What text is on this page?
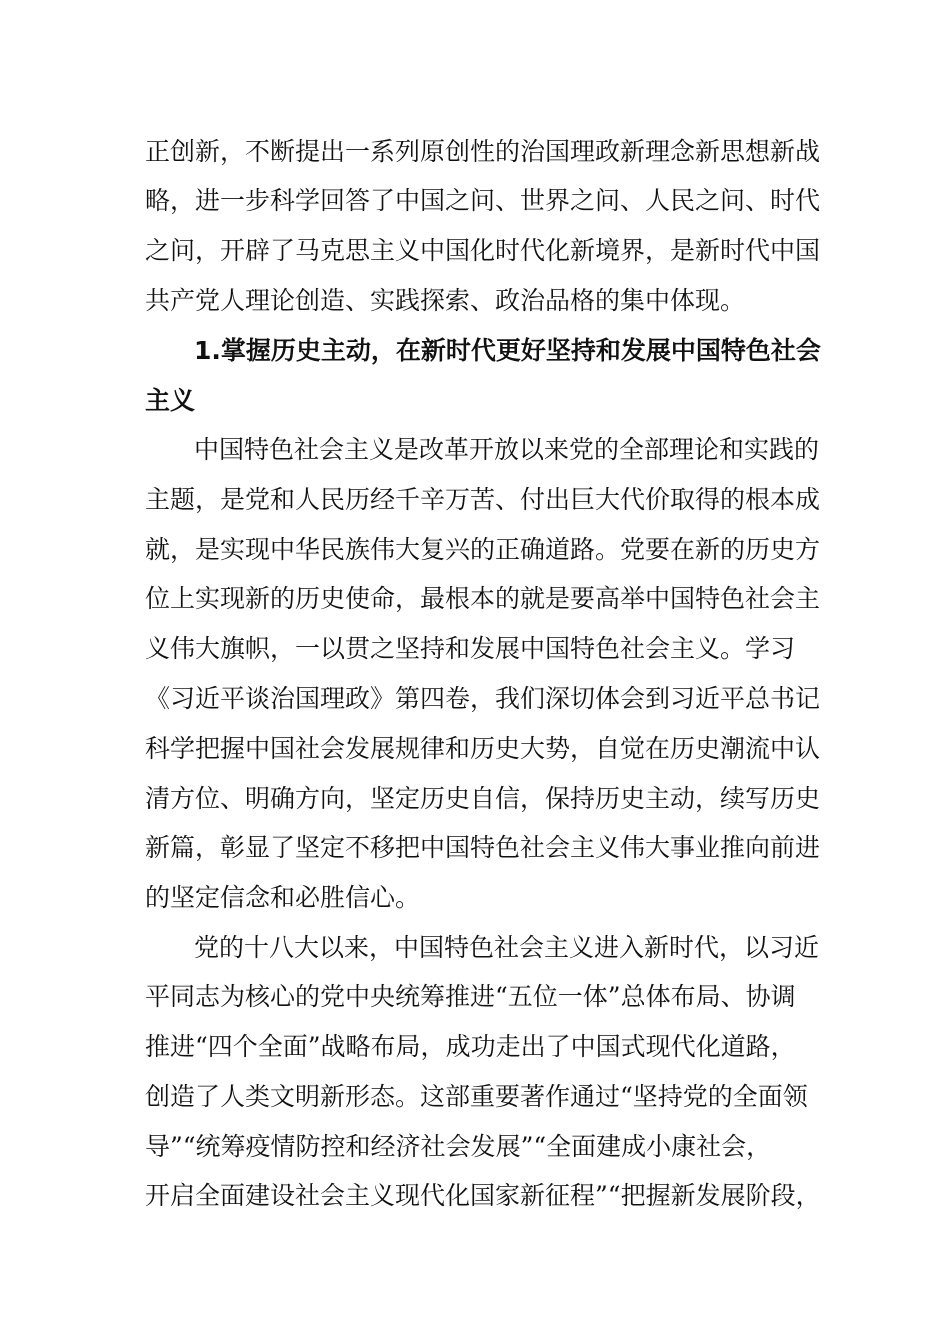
正创新，不断提出一系列原创性的治国理政新理念新思想新战
略，进一步科学回答了中国之问、世界之问、人民之问、时代
之问，开辟了马克思主义中国化时代化新境界，是新时代中国
共产党人理论创造、实践探索、政治品格的集中体现。
1.掌握历史主动，在新时代更好坚持和发展中国特色社会
主义
中国特色社会主义是改革开放以来党的全部理论和实践的
主题，是党和人民历经千辛万苦、付出巨大代价取得的根本成
就，是实现中华民族伟大复兴的正确道路。党要在新的历史方
位上实现新的历史使命，最根本的就是要高举中国特色社会主
义伟大旗帜，一以贯之坚持和发展中国特色社会主义。学习
《习近平谈治国理政》第四卷，我们深切体会到习近平总书记
科学把握中国社会发展规律和历史大势，自觉在历史潮流中认
清方位、明确方向，坚定历史自信，保持历史主动，续写历史
新篇，彰显了坚定不移把中国特色社会主义伟大事业推向前进
的坚定信念和必胜信心。
党的十八大以来，中国特色社会主义进入新时代，以习近
平同志为核心的党中央统筹推进“五位一体”总体布局、协调
推进“四个全面”战略布局，成功走出了中国式现代化道路，
创造了人类文明新形态。这部重要著作通过“坚持党的全面领
导”“统筹疫情防控和经济社会发展”“全面建成小康社会，
开启全面建设社会主义现代化国家新征程”“把握新发展阶段，
